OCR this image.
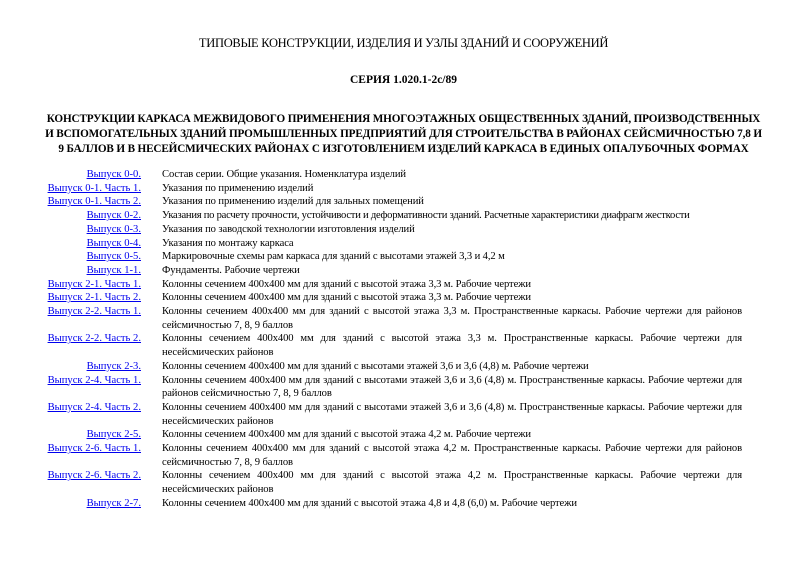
ТИПОВЫЕ КОНСТРУКЦИИ, ИЗДЕЛИЯ И УЗЛЫ ЗДАНИЙ И СООРУЖЕНИЙ
СЕРИЯ 1.020.1-2с/89
КОНСТРУКЦИИ КАРКАСА МЕЖВИДОВОГО ПРИМЕНЕНИЯ МНОГОЭТАЖНЫХ ОБЩЕСТВЕННЫХ ЗДАНИЙ, ПРОИЗВОДСТВЕННЫХ И ВСПОМОГАТЕЛЬНЫХ ЗДАНИЙ ПРОМЫШЛЕННЫХ ПРЕДПРИЯТИЙ ДЛЯ СТРОИТЕЛЬСТВА В РАЙОНАХ СЕЙСМИЧНОСТЬЮ 7,8 И 9 БАЛЛОВ И В НЕСЕЙСМИЧЕСКИХ РАЙОНАХ С ИЗГОТОВЛЕНИЕМ ИЗДЕЛИЙ КАРКАСА В ЕДИНЫХ ОПАЛУБОЧНЫХ ФОРМАХ
Выпуск 0-0.	Состав серии. Общие указания. Номенклатура изделий
Выпуск 0-1. Часть 1.	Указания по применению изделий
Выпуск 0-1. Часть 2.	Указания по применению изделий для зальных помещений
Выпуск 0-2.	Указания по расчету прочности, устойчивости и деформативности зданий. Расчетные характеристики диафрагм жесткости
Выпуск 0-3.	Указания по заводской технологии изготовления изделий
Выпуск 0-4.	Указания по монтажу каркаса
Выпуск 0-5.	Маркировочные схемы рам каркаса для зданий с высотами этажей 3,3 и 4,2 м
Выпуск 1-1.	Фундаменты. Рабочие чертежи
Выпуск 2-1. Часть 1.	Колонны сечением 400х400 мм для зданий с высотой этажа 3,3 м. Рабочие чертежи
Выпуск 2-1. Часть 2.	Колонны сечением 400х400 мм для зданий с высотой этажа 3,3 м. Рабочие чертежи
Выпуск 2-2. Часть 1.	Колонны сечением 400х400 мм для зданий с высотой этажа 3,3 м. Пространственные каркасы. Рабочие чертежи для районов сейсмичностью 7, 8, 9 баллов
Выпуск 2-2. Часть 2.	Колонны сечением 400х400 мм для зданий с высотой этажа 3,3 м. Пространственные каркасы. Рабочие чертежи для несейсмических районов
Выпуск 2-3.	Колонны сечением 400х400 мм для зданий с высотами этажей 3,6 и 3,6 (4,8) м. Рабочие чертежи
Выпуск 2-4. Часть 1.	Колонны сечением 400х400 мм для зданий с высотами этажей 3,6 и 3,6 (4,8) м. Пространственные каркасы. Рабочие чертежи для районов сейсмичностью 7, 8, 9 баллов
Выпуск 2-4. Часть 2.	Колонны сечением 400х400 мм для зданий с высотами этажей 3,6 и 3,6 (4,8) м. Пространственные каркасы. Рабочие чертежи для несейсмических районов
Выпуск 2-5.	Колонны сечением 400х400 мм для зданий с высотой этажа 4,2 м. Рабочие чертежи
Выпуск 2-6. Часть 1.	Колонны сечением 400х400 мм для зданий с высотой этажа 4,2 м. Пространственные каркасы. Рабочие чертежи для районов сейсмичностью 7, 8, 9 баллов
Выпуск 2-6. Часть 2.	Колонны сечением 400х400 мм для зданий с высотой этажа 4,2 м. Пространственные каркасы. Рабочие чертежи для несейсмических районов
Выпуск 2-7.	Колонны сечением 400х400 мм для зданий с высотой этажа 4,8 и 4,8 (6,0) м. Рабочие чертежи
